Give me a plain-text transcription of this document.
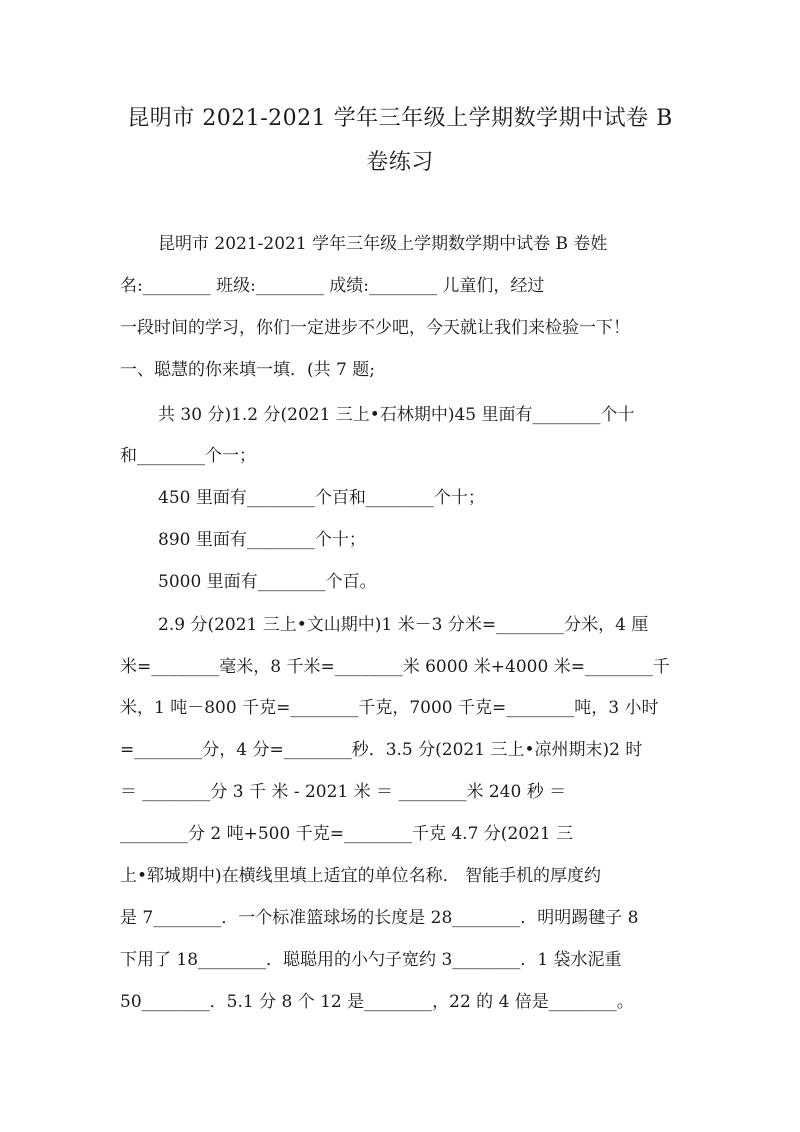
昆明市 2021-2021 学年三年级上学期数学期中试卷 B
卷练习
昆明市 2021-2021 学年三年级上学期数学期中试卷 B 卷姓
名:________ 班级:________ 成绩:________ 儿童们，经过
一段时间的学习，你们一定进步不少吧，今天就让我们来检验一下！
一、聪慧的你来填一填．(共 7 题;
共 30 分)1.2 分(2021 三上•石林期中)45 里面有________个十
和________个一；
450 里面有________个百和________个十；
890 里面有________个十；
5000 里面有________个百。
2.9 分(2021 三上•文山期中)1 米－3 分米=________分米，4 厘
米=________毫米，8 千米=________米 6000 米+4000 米=________千
米，1 吨－800 千克=________千克，7000 千克=________吨，3 小时
=________分，4 分=________秒．3.5 分(2021 三上•凉州期末)2 时
＝ ________分 3 千 米 - 2021 米 ＝ ________米 240 秒 ＝
________分 2 吨+500 千克=________千克 4.7 分(2021 三
上•郓城期中)在横线里填上适宜的单位名称． 智能手机的厚度约
是 7________．一个标准篮球场的长度是 28________．明明踢毽子 8
下用了 18________．聪聪用的小勺子宽约 3________．1 袋水泥重
50________．5.1 分 8 个 12 是________，22 的 4 倍是________。
